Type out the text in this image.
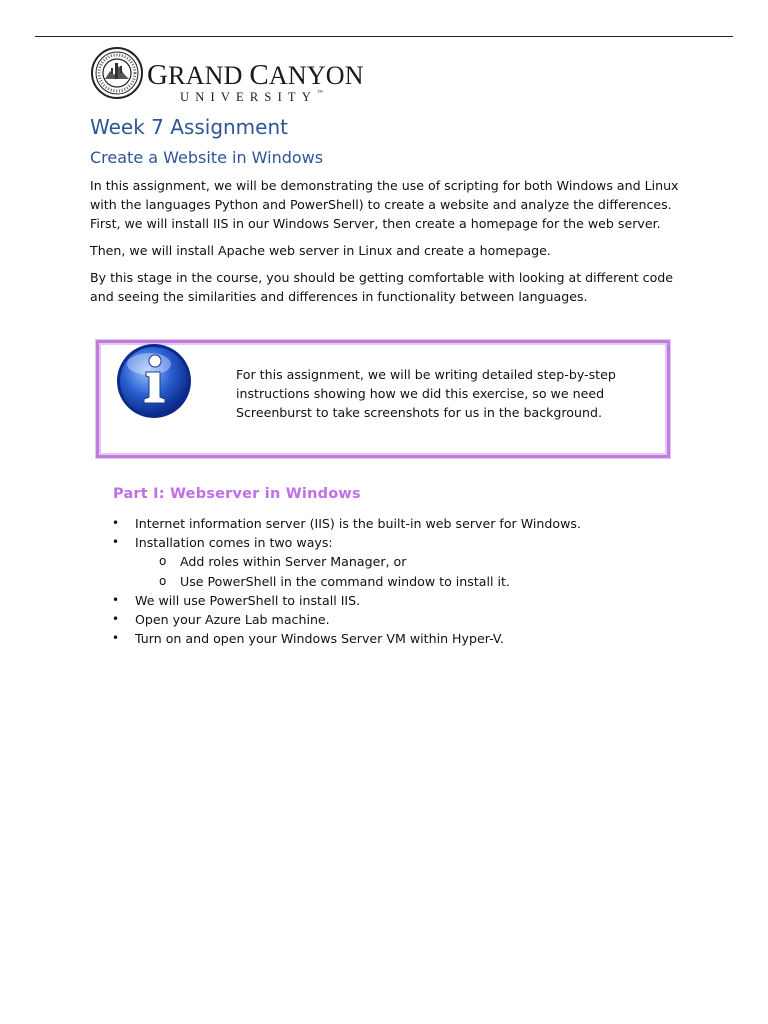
GRAND CANYON
UNIVERSITY™
Week 7 Assignment
Create a Website in Windows

In this assignment, we will be demonstrating the use of scripting for both Windows and Linux with the languages Python and PowerShell) to create a website and analyze the differences. First, we will install IIS in our Windows Server, then create a homepage for the web server.

Then, we will install Apache web server in Linux and create a homepage.

By this stage in the course, you should be getting comfortable with looking at different code and seeing the similarities and differences in functionality between languages.

For this assignment, we will be writing detailed step-by-step instructions showing how we did this exercise, so we need Screenburst to take screenshots for us in the background.
Part I: Webserver in Windows
• Internet information server (IIS) is the built-in web server for Windows.
• Installation comes in two ways:
o Add roles within Server Manager, or
o Use PowerShell in the command window to install it.
• We will use PowerShell to install IIS.
• Open your Azure Lab machine.
• Turn on and open your Windows Server VM within Hyper-V.
